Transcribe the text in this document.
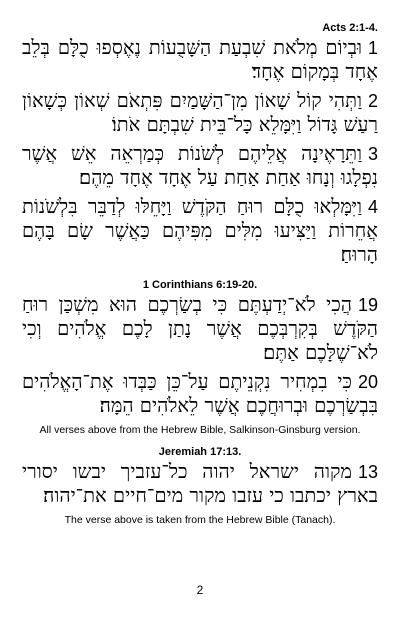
Acts 2:1-4.

1וּבְיוֹם מְלֹאת שִׁבְעַת הַשָּׁבֻעוֹת נֶאֶסְפוּ כֻלָּם בְּלֵב אֶחָד בְּמָקוֹם אֶחָד׃

2וַתְּהִי קוֹל שָׁאוֹן מִן־הַשָּׁמַיִם פִּתְאֹם שְׁאוֹן כְּשָׁאוֹן רַעַשׁ גָּדוֹל וַיִּמָּלֵא כָּל־בֵּית שִׁבְתָּם אֹתוֹ׃

3וַתֵּרָאֶינָה אֲלֵיהֶם לְשֹׁנוֹת כְּמַרְאֵה אֵשׁ אֲשֶׁר נִפְלָגוּ וְנָחוּ אַחַת אַחַת עַל אֶחָד אֶחָד מֵהֶם׃

4וַיִּמָּלְאוּ כֻלָּם רוּחַ הַקֹּדֶשׁ וַיָּחֵלּוּ לְדַבֵּר בִּלְשֹׁנוֹת אֲחֵרוֹת וַיַּצִּיעוּ מִלִּים מִפִּיהֶם כַּאֲשֶׁר שָׂם בָּהֶם הָרוּחַ׃

1 Corinthians 6:19-20.

19הֲכִי לֹא־יְדַעְתֶּם כִּי בְשַׂרְכֶם הוּא מִשְׁכַּן רוּחַ הַקֹּדֶשׁ בְּקִרְבְּכֶם אֲשֶׁר נָתַן לָכֶם אֱלֹהִים וְכִי לֹא־שֶׁלָּכֶם אַתֶּם׃

20כִּי בִמְחִיר נִקְנֵיתֶם עַל־כֵּן כַּבְּדוּ אֶת־הָאֱלֹהִים בִּבְשַׂרְכֶם וּבְרוּחֲכֶם אֲשֶׁר לֵאלֹהִים הֵמָּה׃

All verses above from the Hebrew Bible, Salkinson-Ginsburg version.
Jeremiah 17:13.

13מקוה ישראל יהוה כל־עזביך יבשו יסורי בארץ יכתבו כי עזבו מקור מים־חיים את־יהוה׃

The verse above is taken from the Hebrew Bible (Tanach).
2
